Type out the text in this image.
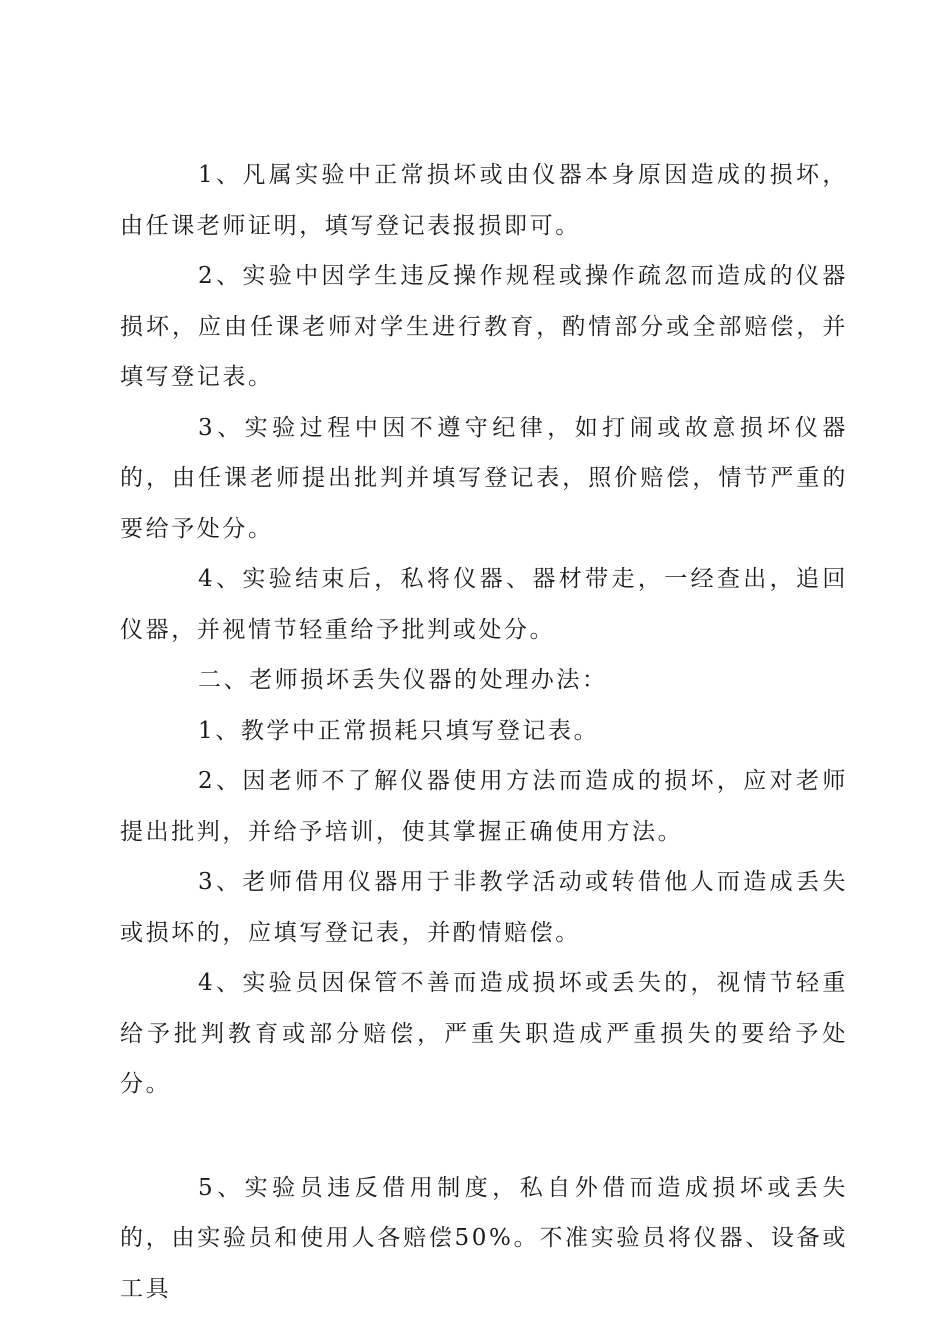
1、凡属实验中正常损坏或由仪器本身原因造成的损坏，由任课老师证明，填写登记表报损即可。

2、实验中因学生违反操作规程或操作疏忽而造成的仪器损坏，应由任课老师对学生进行教育，酌情部分或全部赔偿，并填写登记表。

3、实验过程中因不遵守纪律，如打闹或故意损坏仪器的，由任课老师提出批判并填写登记表，照价赔偿，情节严重的要给予处分。

4、实验结束后，私将仪器、器材带走，一经查出，追回仪器，并视情节轻重给予批判或处分。

二、老师损坏丢失仪器的处理办法：

1、教学中正常损耗只填写登记表。

2、因老师不了解仪器使用方法而造成的损坏，应对老师提出批判，并给予培训，使其掌握正确使用方法。

3、老师借用仪器用于非教学活动或转借他人而造成丢失或损坏的，应填写登记表，并酌情赔偿。

4、实验员因保管不善而造成损坏或丢失的，视情节轻重给予批判教育或部分赔偿，严重失职造成严重损失的要给予处分。

5、实验员违反借用制度，私自外借而造成损坏或丢失的，由实验员和使用人各赔偿50%。不准实验员将仪器、设备或工具
